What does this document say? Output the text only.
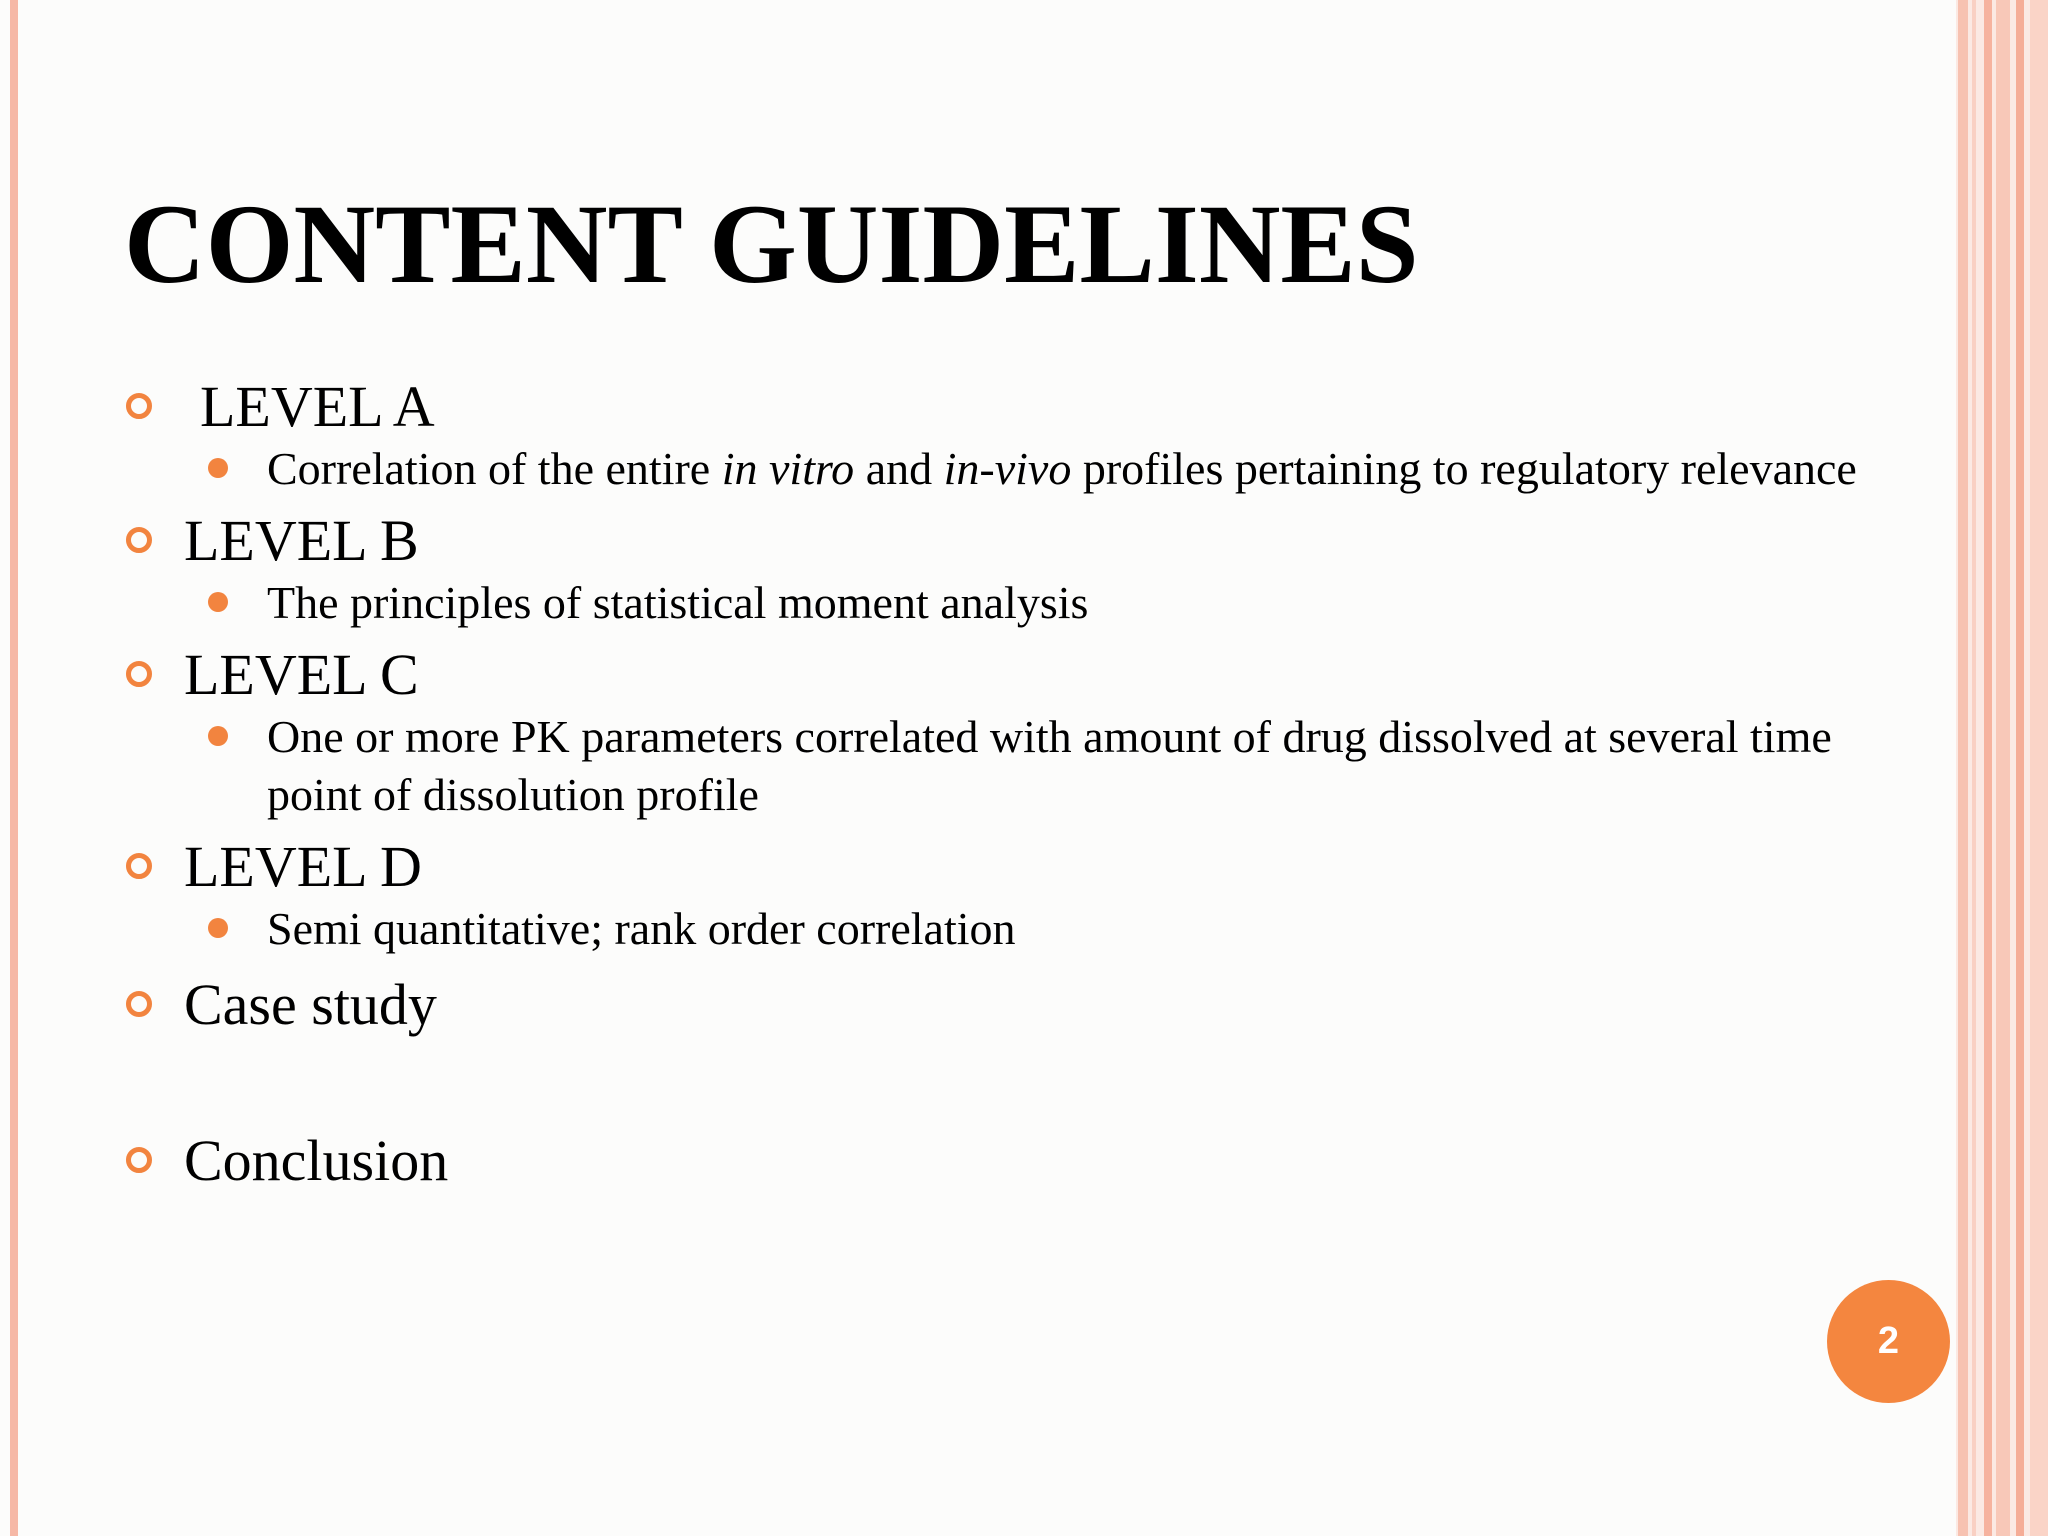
CONTENT GUIDELINES
LEVEL A
Correlation of the entire in vitro and in-vivo profiles pertaining to regulatory relevance
LEVEL B
The principles of statistical moment analysis
LEVEL C
One or more PK parameters correlated with amount of drug dissolved at several time point of dissolution profile
LEVEL D
Semi quantitative; rank order correlation
Case study
Conclusion
2
